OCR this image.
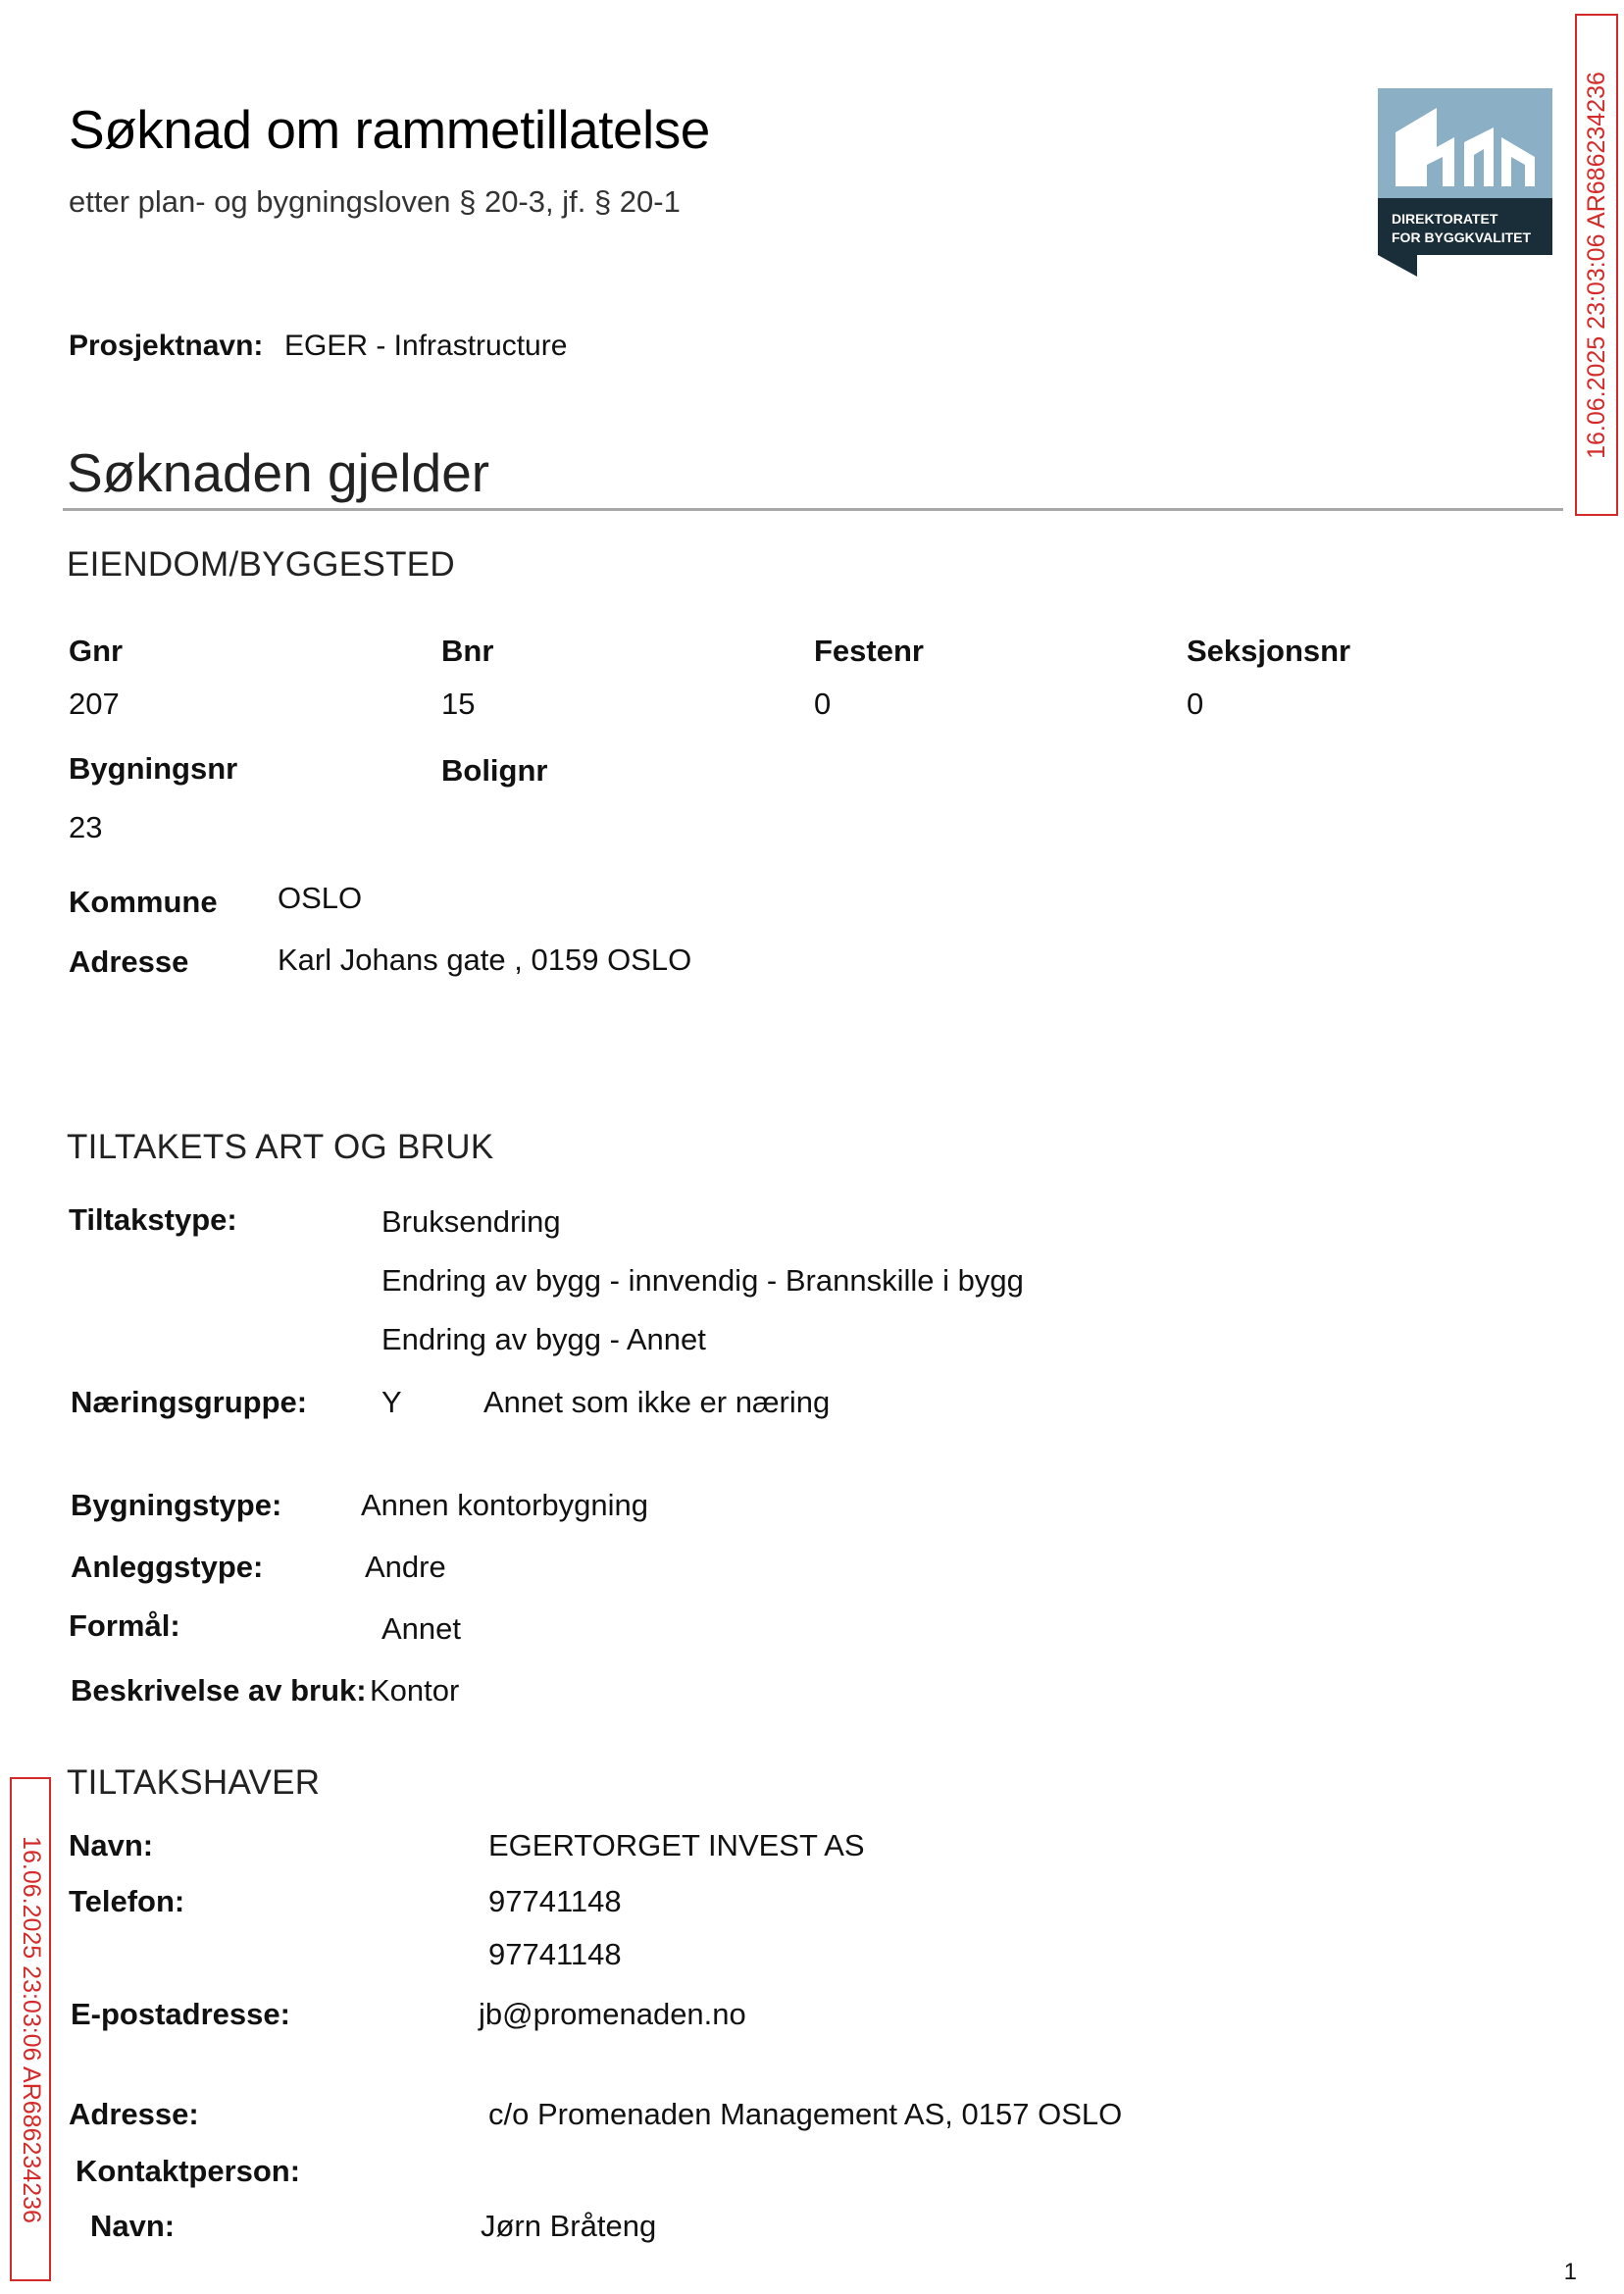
Søknad om rammetillatelse
etter plan- og bygningsloven § 20-3, jf. § 20-1	DIREKTORATET
FOR BYGGKVALITET 16.06.2025 23:03:06 AR686234236
16.06.2025 23:03:06 AR686234236
Prosjektnavn: EGER - Infrastructure
Søknaden gjelder
EIENDOM/BYGGESTED
Gnr	Bnr	Festenr	Seksjonsnr
207	15	0	0
Bygningsnr	Bolignr
23
Kommune OSLO
Adresse	Karl Johans gate , 0159 OSLO
TILTAKETS ART OG BRUK
Tiltakstype:	Bruksendring
Endring av bygg - innvendig - Brannskille i bygg
Endring av bygg - Annet
Næringsgruppe: Y	Annet som ikke er næring
Bygningstype:	Annen kontorbygning
Anleggstype:	Andre
Formål:	Annet
Beskrivelse av bruk: Kontor
TILTAKSHAVER
Navn:	EGERTORGET INVEST AS
Telefon:	97741148
97741148
E-postadresse:	jb@promenaden.no
Adresse:	c/o Promenaden Management AS, 0157 OSLO
Kontaktperson:
Navn:	Jørn Bråteng
1
